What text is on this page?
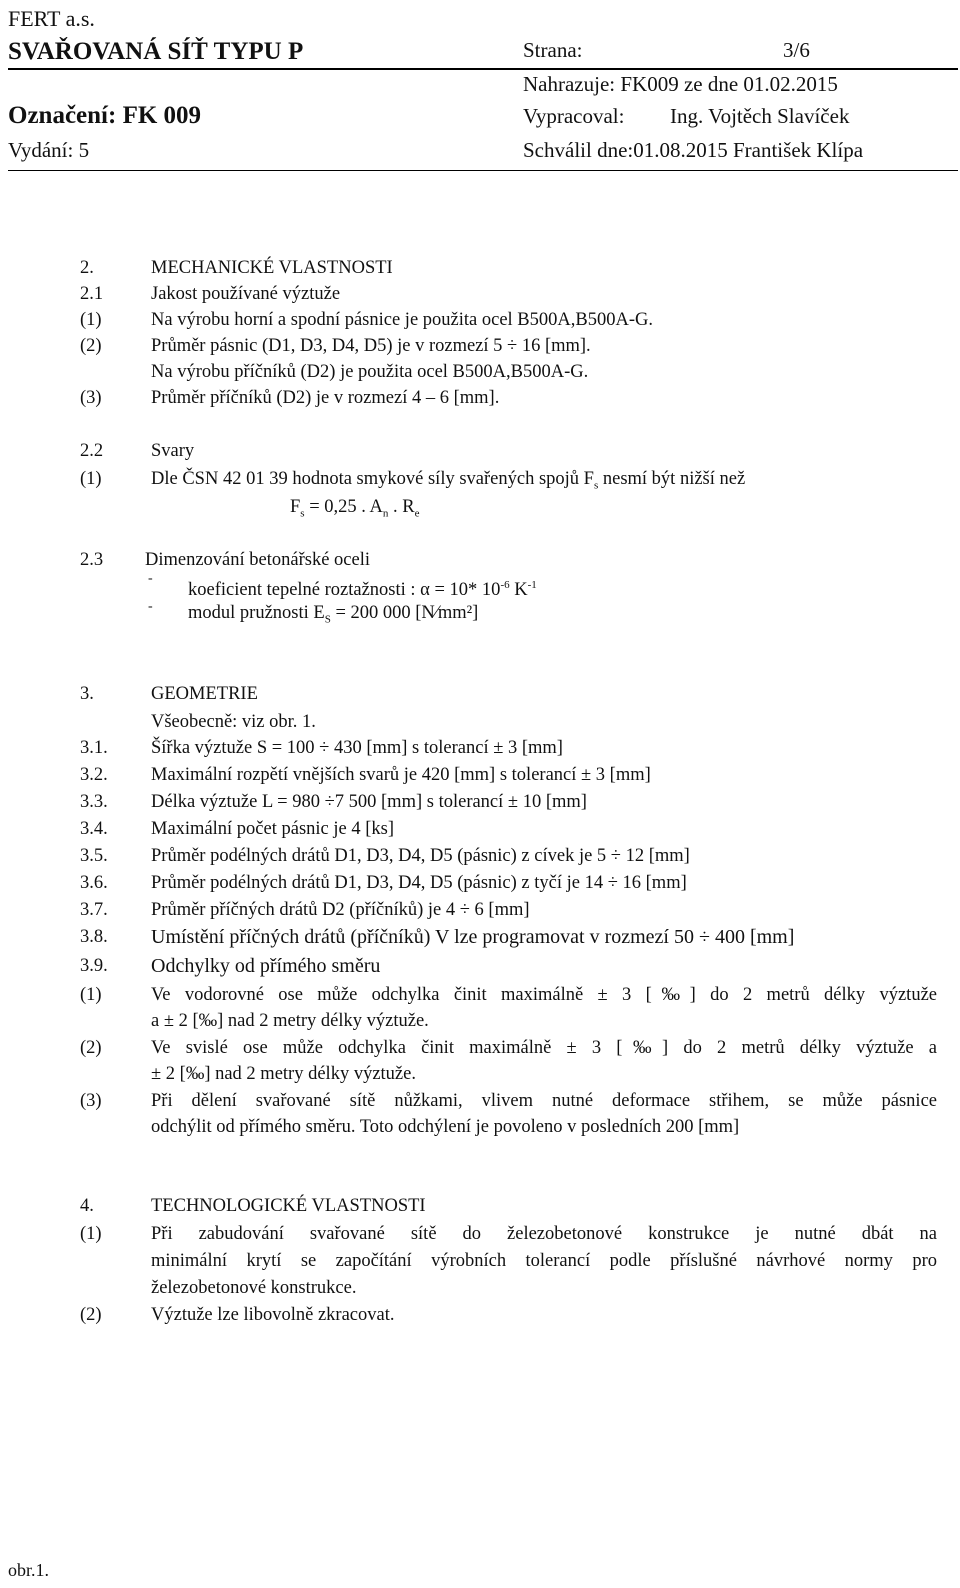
FERT a.s.
SVAŘOVANÁ SÍŤ TYPU P	Strana:	3/6
Nahrazuje: FK009 ze dne 01.02.2015
Označení: FK 009	Vypracoval: Ing. Vojtěch Slavíček
Vydání: 5	Schválil dne:01.08.2015 František Klípa
2.	MECHANICKÉ VLASTNOSTI
2.1	Jakost používané výztuže
(1)	Na výrobu horní a spodní pásnice je použita ocel B500A,B500A-G.
(2)	Průměr pásnic (D1, D3, D4, D5) je v rozmezí 5 ÷ 16 [mm].
Na výrobu příčníků (D2) je použita ocel B500A,B500A-G.
(3)	Průměr příčníků (D2) je v rozmezí 4 – 6 [mm].
2.2	Svary
(1)	Dle ČSN 42 01 39 hodnota smykové síly svařených spojů $F_s$ nesmí být nižší než
$F_s = 0,25$ . $A_n$ . $R_e$
2.3 Dimenzování betonářské oceli
-
koeficient tepelné roztažnosti : α = 10* $10^{-6}$ $K^{-1}$
- modul pružnosti $E_S = 200$ 000 [N⁄mm²]
3.	GEOMETRIE
Všeobecně: viz obr. 1.
3.1. Šířka výztuže S = 100 ÷ 430 [mm] s tolerancí ± 3 [mm]
3.2. Maximální rozpětí vnějších svarů je 420 [mm] s tolerancí ± 3 [mm]
3.3. Délka výztuže L = 980 ÷7 500 [mm] s tolerancí ± 10 [mm]
3.4. Maximální počet pásnic je 4 [ks]
3.5. Průměr podélných drátů D1, D3, D4, D5 (pásnic) z cívek je 5 ÷ 12 [mm]
3.6. Průměr podélných drátů D1, D3, D4, D5 (pásnic) z tyčí je 14 ÷ 16 [mm]
3.7. Průměr příčných drátů D2 (příčníků) je 4 ÷ 6 [mm]
3.8. Umístění příčných drátů (příčníků) V lze programovat v rozmezí 50 ÷ 400 [mm]
3.9. Odchylky od přímého směru
(1)	Ve vodorovné ose může odchylka činit maximálně ± 3 [‰] do 2 metrů délky výztuže
a ± 2 [‰] nad 2 metry délky výztuže.
(2)	Ve svislé ose může odchylka činit maximálně ± 3 [‰] do 2 metrů délky výztuže a
± 2 [‰] nad 2 metry délky výztuže.
(3)	Při dělení svařované sítě nůžkami, vlivem nutné deformace střihem, se může pásnice
odchýlit od přímého směru. Toto odchýlení je povoleno v posledních 200 [mm]
4.	TECHNOLOGICKÉ VLASTNOSTI
(1)	Při zabudování svařované sítě do železobetonové konstrukce je nutné dbát na
minimální krytí se započítání výrobních tolerancí podle příslušné návrhové normy pro
železobetonové konstrukce.
(2)	Výztuže lze libovolně zkracovat.
obr.1.
